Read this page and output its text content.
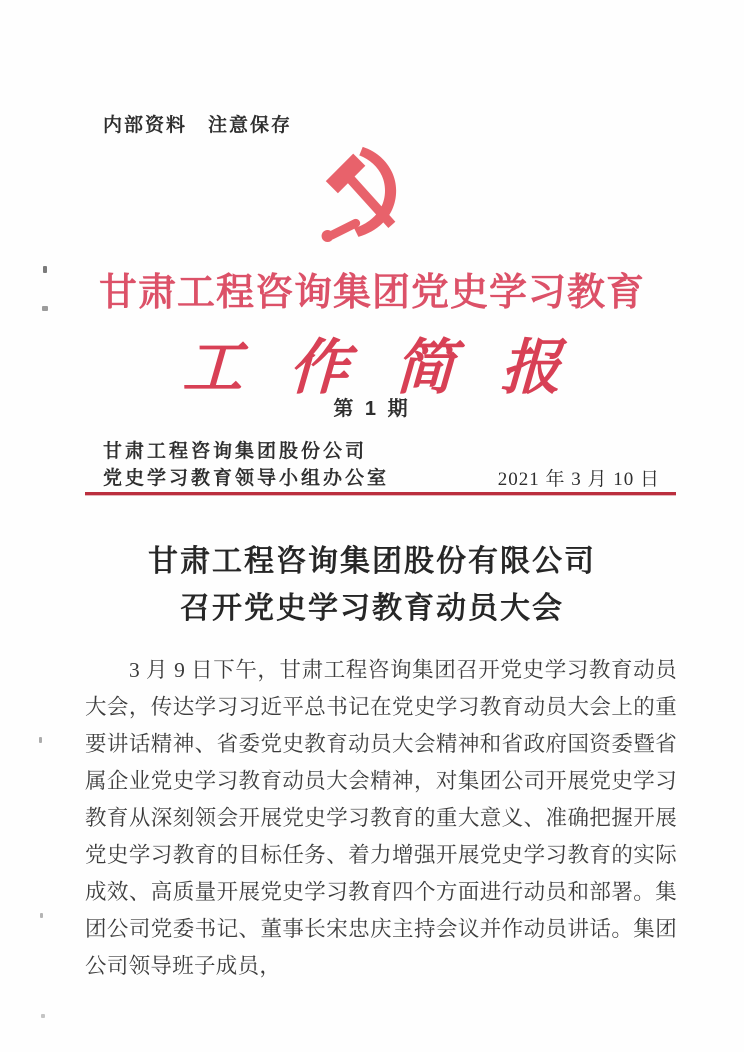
内部资料　注意保存
甘肃工程咨询集团党史学习教育
工作简报
第 1 期
甘肃工程咨询集团股份公司
党史学习教育领导小组办公室	2021 年 3 月 10 日
甘肃工程咨询集团股份有限公司
召开党史学习教育动员大会
3 月 9 日下午，甘肃工程咨询集团召开党史学习教育动员大会，传达学习习近平总书记在党史学习教育动员大会上的重要讲话精神、省委党史教育动员大会精神和省政府国资委暨省属企业党史学习教育动员大会精神，对集团公司开展党史学习教育从深刻领会开展党史学习教育的重大意义、准确把握开展党史学习教育的目标任务、着力增强开展党史学习教育的实际成效、高质量开展党史学习教育四个方面进行动员和部署。集团公司党委书记、董事长宋忠庆主持会议并作动员讲话。集团公司领导班子成员，
